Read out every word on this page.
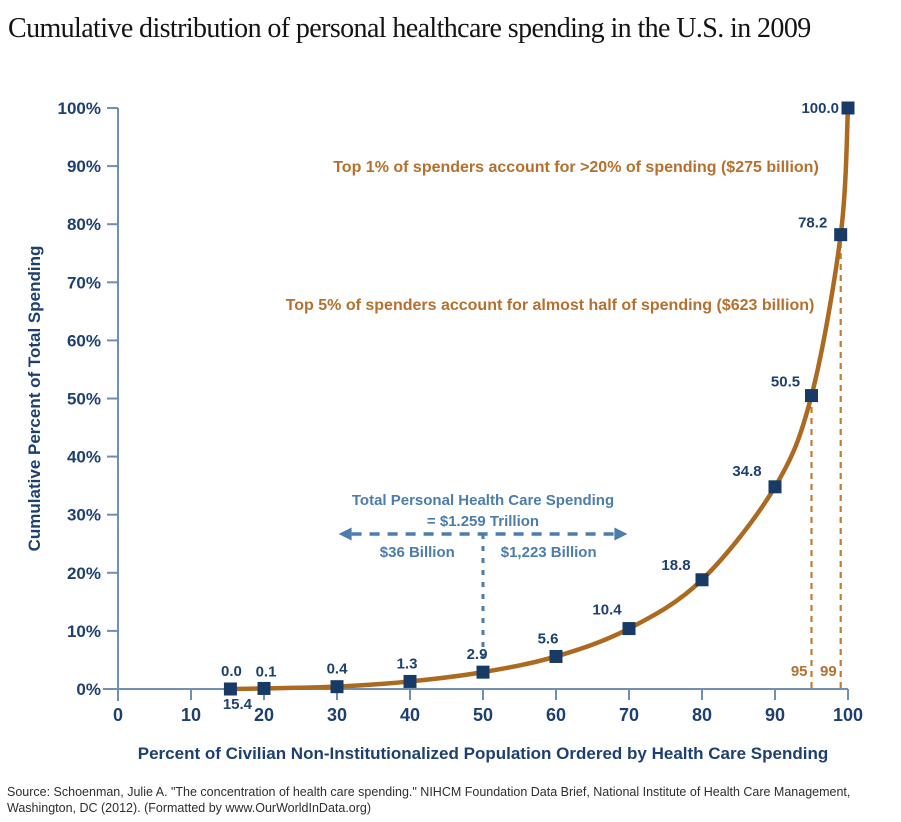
0	10	20	30	40	50	60	70	80	90	100
0%
10%
20%
30%
40%
50%
60%
70%
80%
90%
100%
Percent of Civilian Non-Institutionalized Population Ordered by Health Care Spending
Cumulative Percent of Total Spending
95 99
Total Personal Health Care Spending
= $1.259 Trillion
$36 Billion	$1,223 Billion
0.0
15.4
0.1	0.4	1.3
2.9
5.6
10.4
18.8
34.8
50.5
78.2
100.0
Top 1% of spenders account for >20% of spending ($275 billion)
Top 5% of spenders account for almost half of spending ($623 billion)
Cumulative distribution of personal healthcare spending in the U.S. in 2009
Source: Schoenman, Julie A. "The concentration of health care spending." NIHCM Foundation Data Brief, National Institute of Health Care Management,
Washington, DC (2012). (Formatted by www.OurWorldInData.org)
